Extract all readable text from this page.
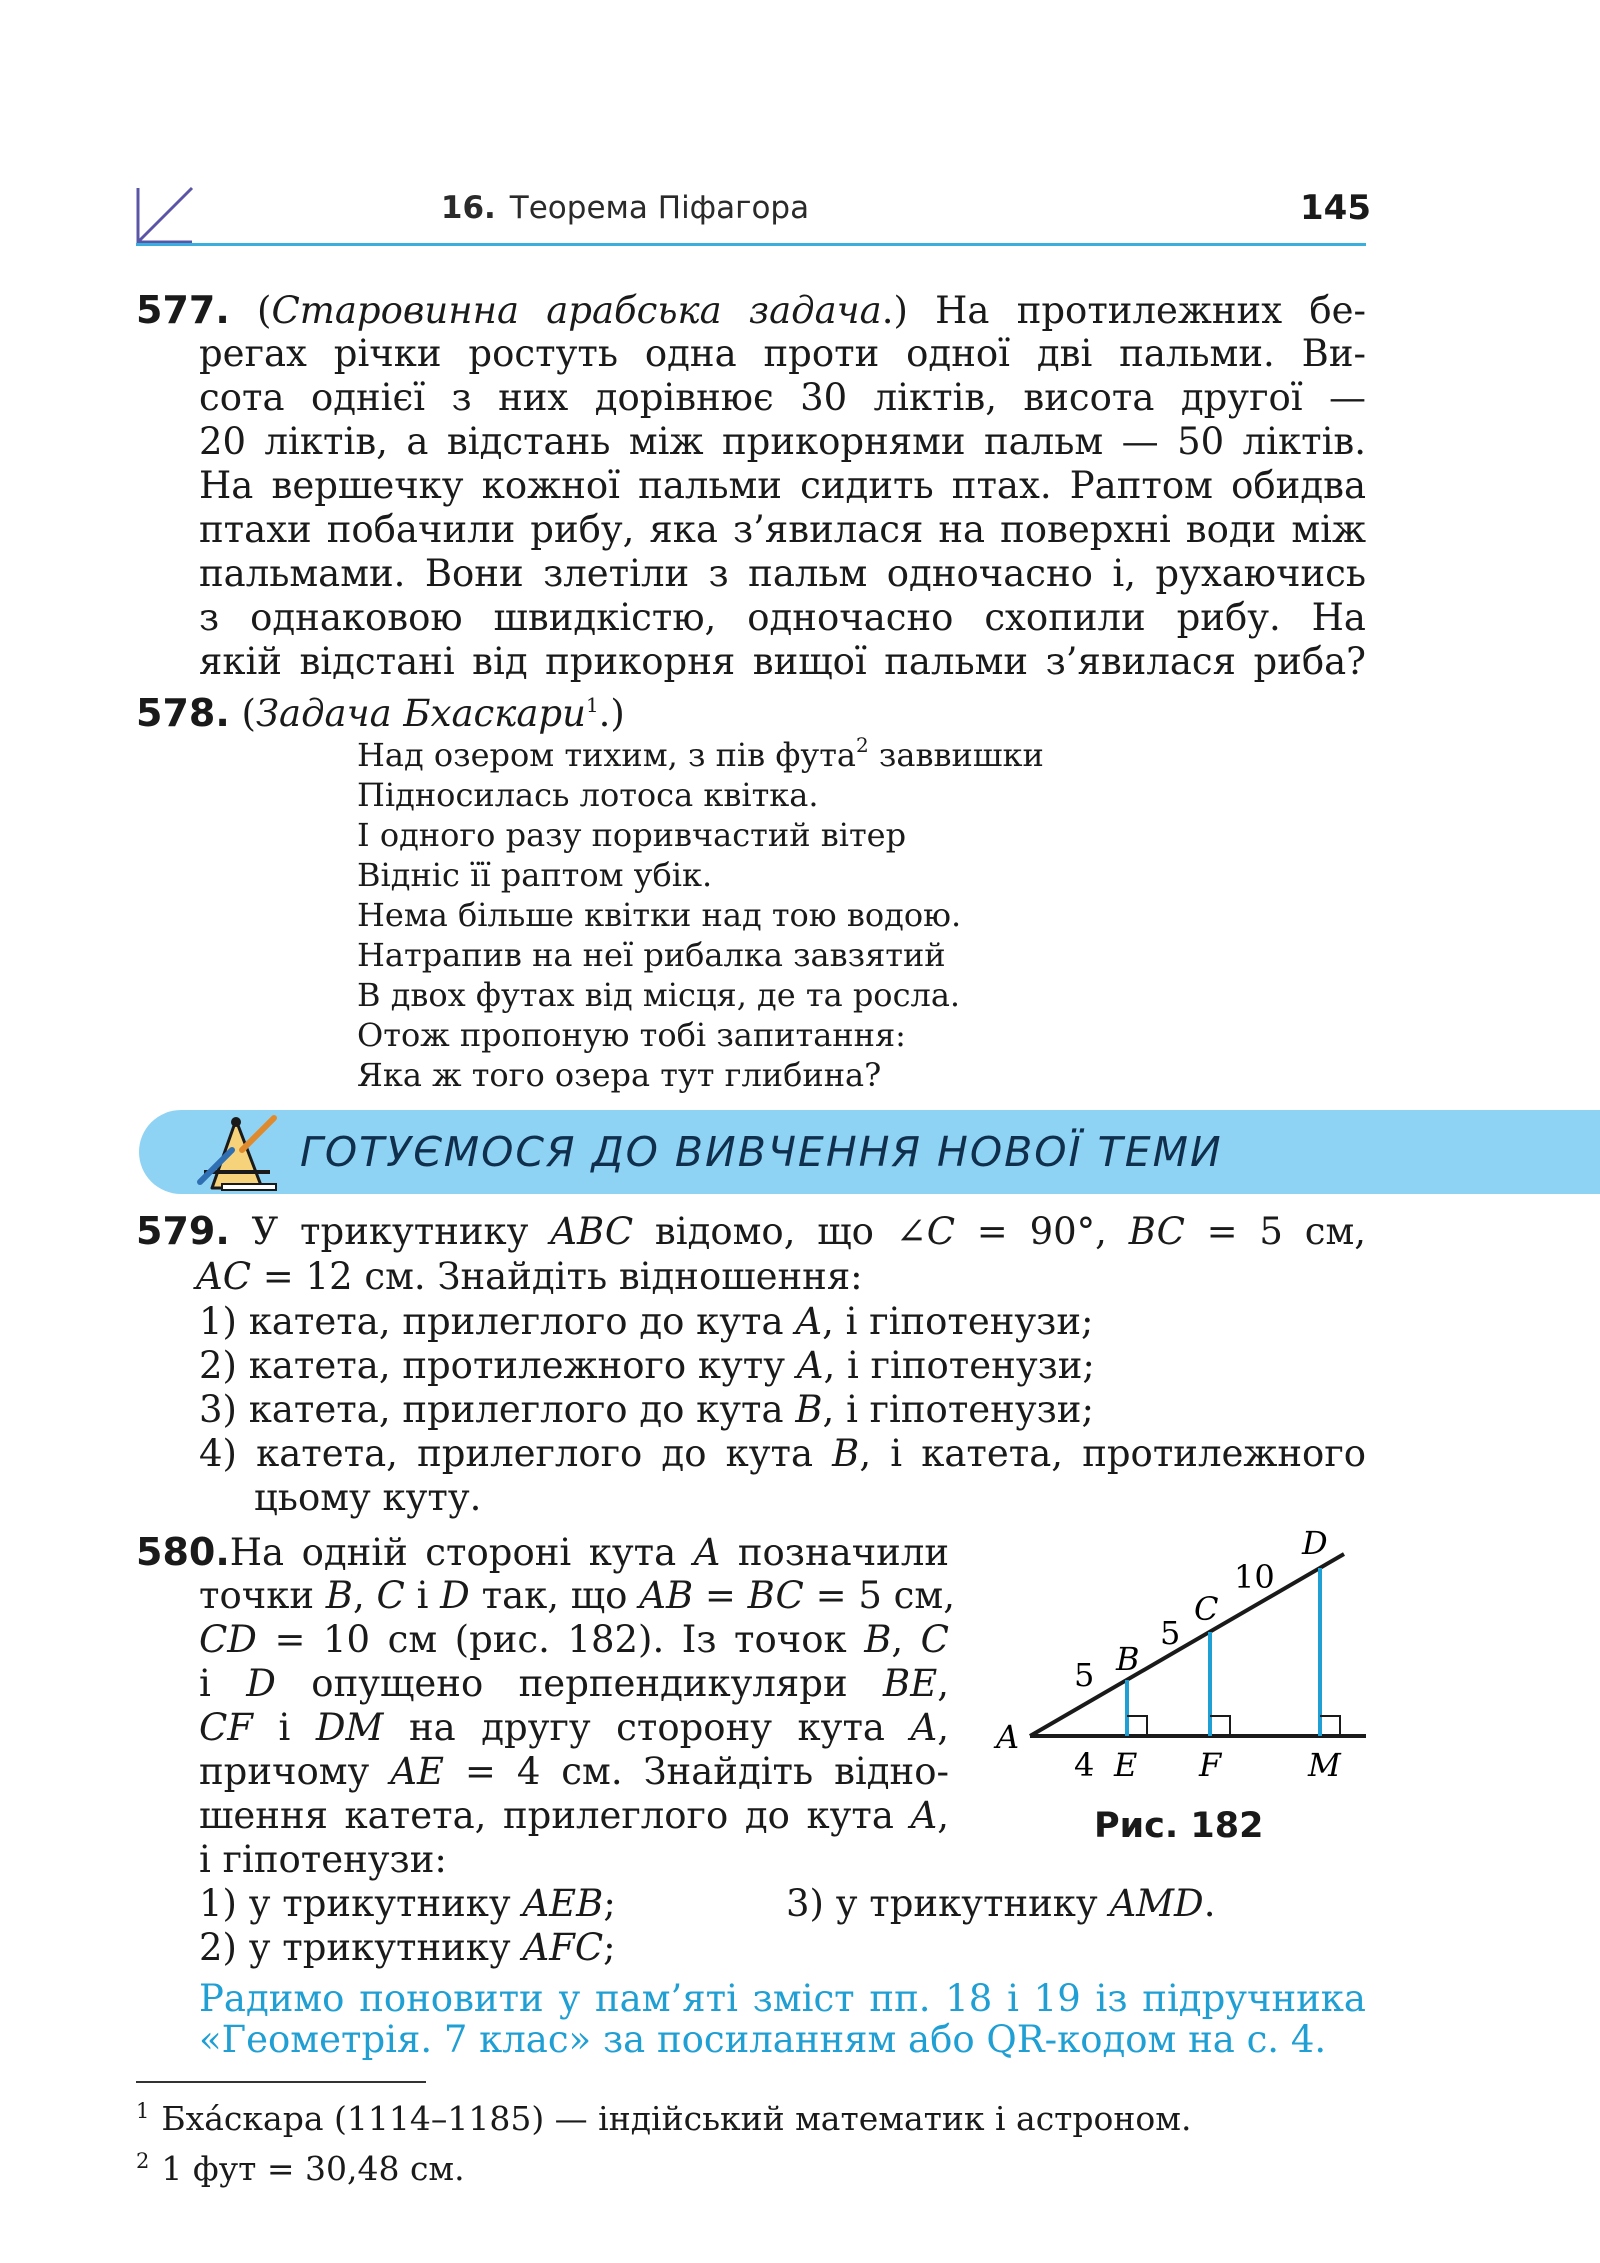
16. Теорема Піфагора	145
577. (Старовинна арабська задача.) На протилежних бе-
регах річки ростуть одна проти одної дві пальми. Ви-
сота однієї з них дорівнює 30 ліктів, висота другої —
20 ліктів, а відстань між прикорнями пальм — 50 ліктів.
На вершечку кожної пальми сидить птах. Раптом обидва
птахи побачили рибу, яка з’явилася на поверхні води між
пальмами. Вони злетіли з пальм одночасно і, рухаючись
з однаковою швидкістю, одночасно схопили рибу. На
якій відстані від прикорня вищої пальми з’явилася риба?
578. (Задача Бхаскари$^1$.)
Над озером тихим, з пів фута$^2$ заввишки
Підносилась лотоса квітка.
І одного разу поривчастий вітер
Відніс її раптом убік.
Нема більше квітки над тою водою.
Натрапив на неї рибалка завзятий
В двох футах від місця, де та росла.
Отож пропоную тобі запитання:
Яка ж того озера тут глибина?
ГОТУЄМОСЯ ДО ВИВЧЕННЯ НОВОЇ ТЕМИ
579. У трикутнику ABC відомо, що ∠C = 90°, BC = 5 см,
AC = 12 см. Знайдіть відношення:
1) катета, прилеглого до кута A, і гіпотенузи;
2) катета, протилежного куту A, і гіпотенузи;
3) катета, прилеглого до кута B, і гіпотенузи;
4) катета, прилеглого до кута B, і катета, протилежного
цьому куту.
580.На одній стороні кута A позначили
точки B, C і D так, що AB = BC = 5 см,
CD = 10 см (рис. 182). Із точок B, C
і D опущено перпендикуляри BE,
CF і DM на другу сторону кута A,
причому AE = 4 см. Знайдіть відно-
шення катета, прилеглого до кута A,
і гіпотенузи:
1) у трикутнику AEB;	3) у трикутнику AMD.
2) у трикутнику AFC;
A
B
C
D
E F	M
5
5
10
4
Рис. 182
Радимо поновити у пам’яті зміст пп. 18 і 19 із підручника
«Геометрія. 7 клас» за посиланням або QR-кодом на с. 4.
$^1$ Бха́скара (1114–1185) — індійський математик і астроном.
$^2$ 1 фут = 30,48 см.
